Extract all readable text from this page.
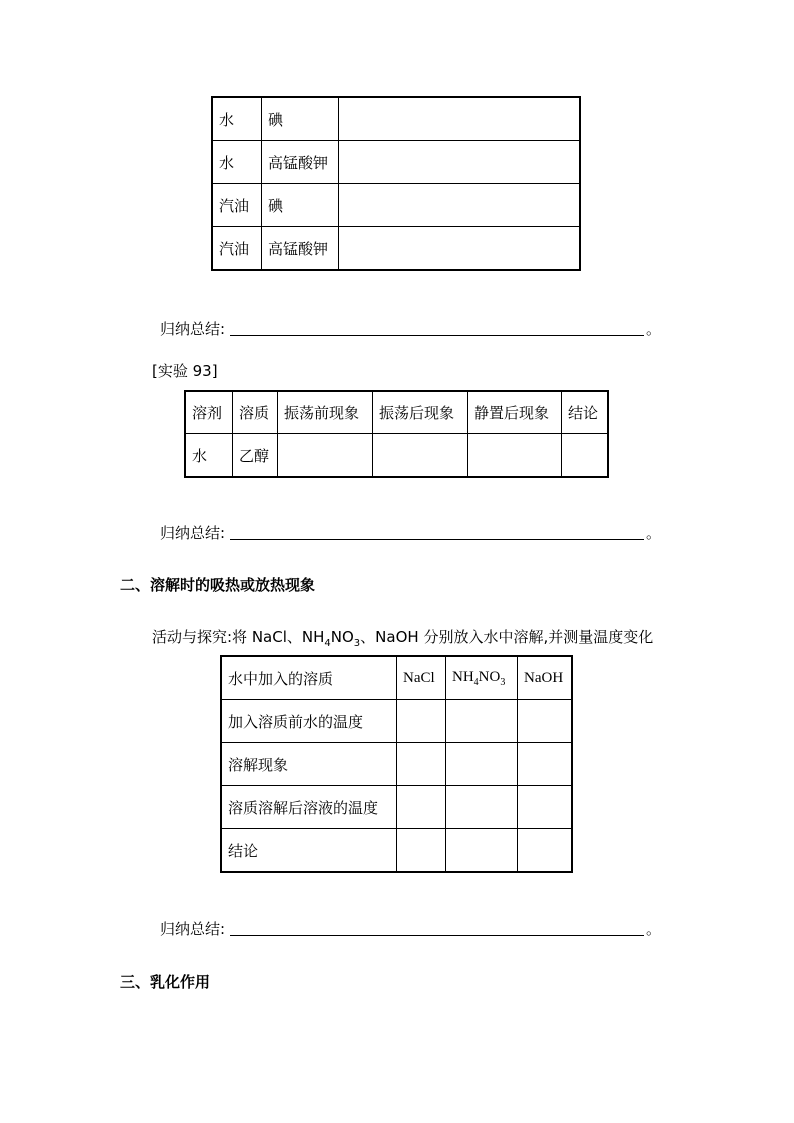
水	碘	
水	高锰酸钾	
汽油	碘	
汽油	高锰酸钾	
归纳总结:	。
[实验 93]
溶剂	溶质	振荡前现象	振荡后现象	静置后现象	结论
水	乙醇				
归纳总结:	。
二、溶解时的吸热或放热现象
活动与探究:将 NaCl、$NH_4NO_3$、NaOH 分别放入水中溶解,并测量温度变化
水中加入的溶质	NaCl	$NH_4NO_3$	NaOH
加入溶质前水的温度			
溶解现象			
溶质溶解后溶液的温度			
结论			
归纳总结:	。
三、乳化作用
